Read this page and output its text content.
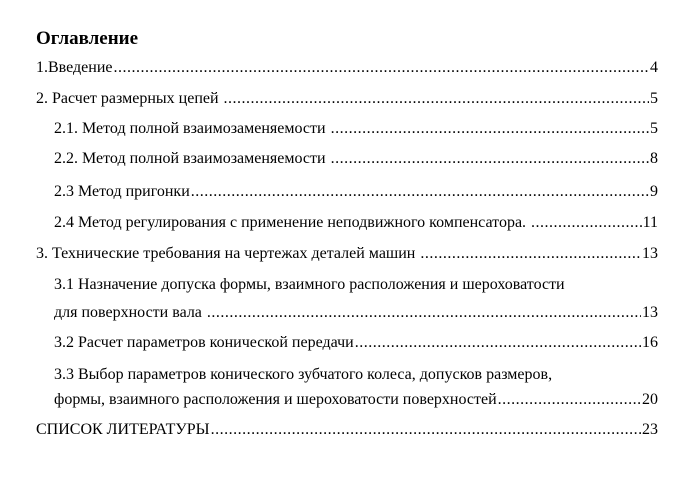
Оглавление
1.Введение .....	4
2. Расчет размерных цепей .....	5
2.1. Метод полной взаимозаменяемости .....	5
2.2. Метод полной взаимозаменяемости .....	8
2.3 Метод пригонки .....	9
2.4 Метод регулирования с применение неподвижного компенсатора. .....	11
3. Технические требования на чертежах деталей машин .....	13
3.1 Назначение допуска формы, взаимного расположения и шероховатости
для поверхности вала .....	13
3.2 Расчет параметров конической передачи .....	16
3.3 Выбор параметров конического зубчатого колеса, допусков размеров,
формы, взаимного расположения и шероховатости поверхностей .....	20
СПИСОК ЛИТЕРАТУРЫ .....	23
